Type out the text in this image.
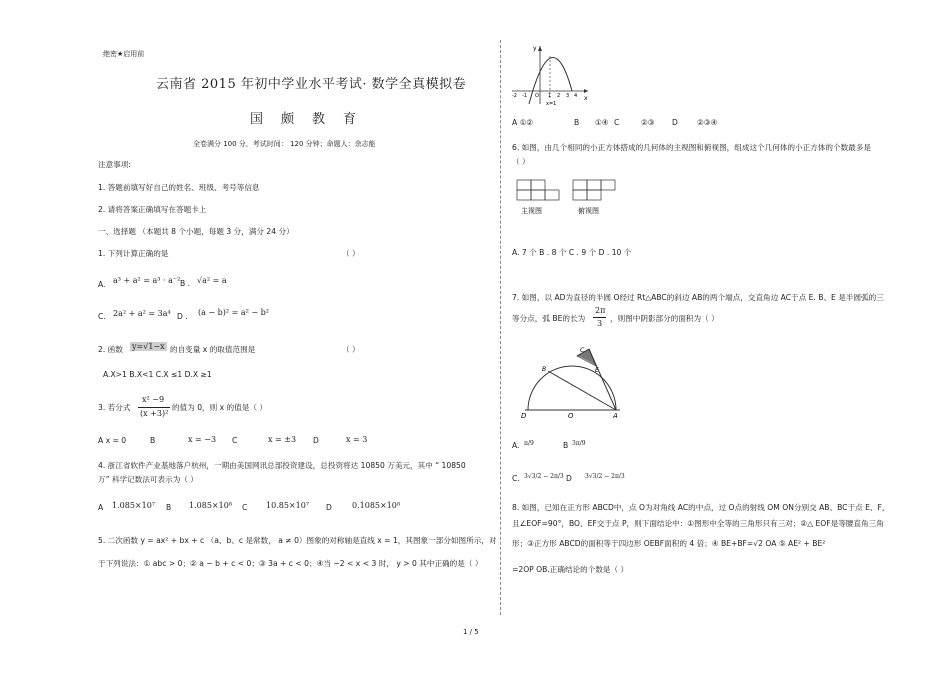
绝密★启用前
云南省 2015 年初中学业水平考试· 数学全真模拟卷
国颇教育
全卷满分 100 分，考试时间： 120 分钟；命题人：余志能
注意事项:
1. 答题前填写好自己的姓名、班级、考号等信息
2. 请将答案正确填写在答题卡上
一、选择题 （本题共 8 个小题，每题 3 分，满分 24 分）
1. 下列计算正确的是	（ ）
A. a³ + a² = a³ · a⁻² B . √a² = a
C. 2a² + a² = 3a⁴ D . (a − b)² = a² − b²
2. 函数 y=√1−x 的自变量 x 的取值范围是	（ ）
A.X>1 B.X<1 C.X ≤1 D.X ≥1
3. 若分式
x² −9
(x +3)²
的值为 0，则 x 的值是（ ）
A x = 0	B	x = −3 C	x = ±3 D	x = 3
4. 浙江省软件产业基地落户杭州，一期由美国网讯总部投资建设，总投资将达 10850 万美元，其中 “ 10850
万” 科学记数法可表示为（ ）
A 1.085×10⁷ B 1.085×10⁸ C 10.85×10⁷ D	0.1085×10⁸
5. 二次函数 y = ax² + bx + c （a、b、c 是常数， a ≠ 0）图象的对称轴是直线 x = 1，其图象一部分如图所示，对
于下列说法：① abc > 0；② a − b + c < 0；③ 3a + c < 0；④当 −2 < x < 3 时， y > 0 其中正确的是（ ）
y
x
-2 -1 O 1 2 3 4
x=1
A ①②	B ①④ C	②③ D	②③④
6. 如图，由几个相同的小正方体搭成的几何体的主视图和俯视图，组成这个几何体的小正方体的个数最多是
（ ）
主视图	俯视图
A. 7 个 B . 8 个 C . 9 个 D . 10 个
7. 如图，以 AD为直径的半圆 O经过 Rt△ABC的斜边 AB的两个端点，交直角边 AC于点 E. B、E 是半圆弧的三
等分点，弧 BE的长为
2π
3
，则图中阴影部分的面积为（ ）
C
B	E
D	O	A
A. π/9	B 3π/9
C. 3√3/2 − 2π/3 D 3√3/2 − 2π/3
8. 如图，已知在正方形 ABCD中，点 O为对角线 AC的中点，过 O点的射线 OM ON分别交 AB、BC于点 E、F，
且∠EOF=90°，BO、EF交于点 P，则下面结论中：①图形中全等的三角形只有三对；②△ EOF是等腰直角三角
形；③正方形 ABCD的面积等于四边形 OEBF面积的 4 倍；④ BE+BF=√2 OA ⑤ AE² + BE²
=2OP OB.正确结论的个数是（ ）
1 / 5
